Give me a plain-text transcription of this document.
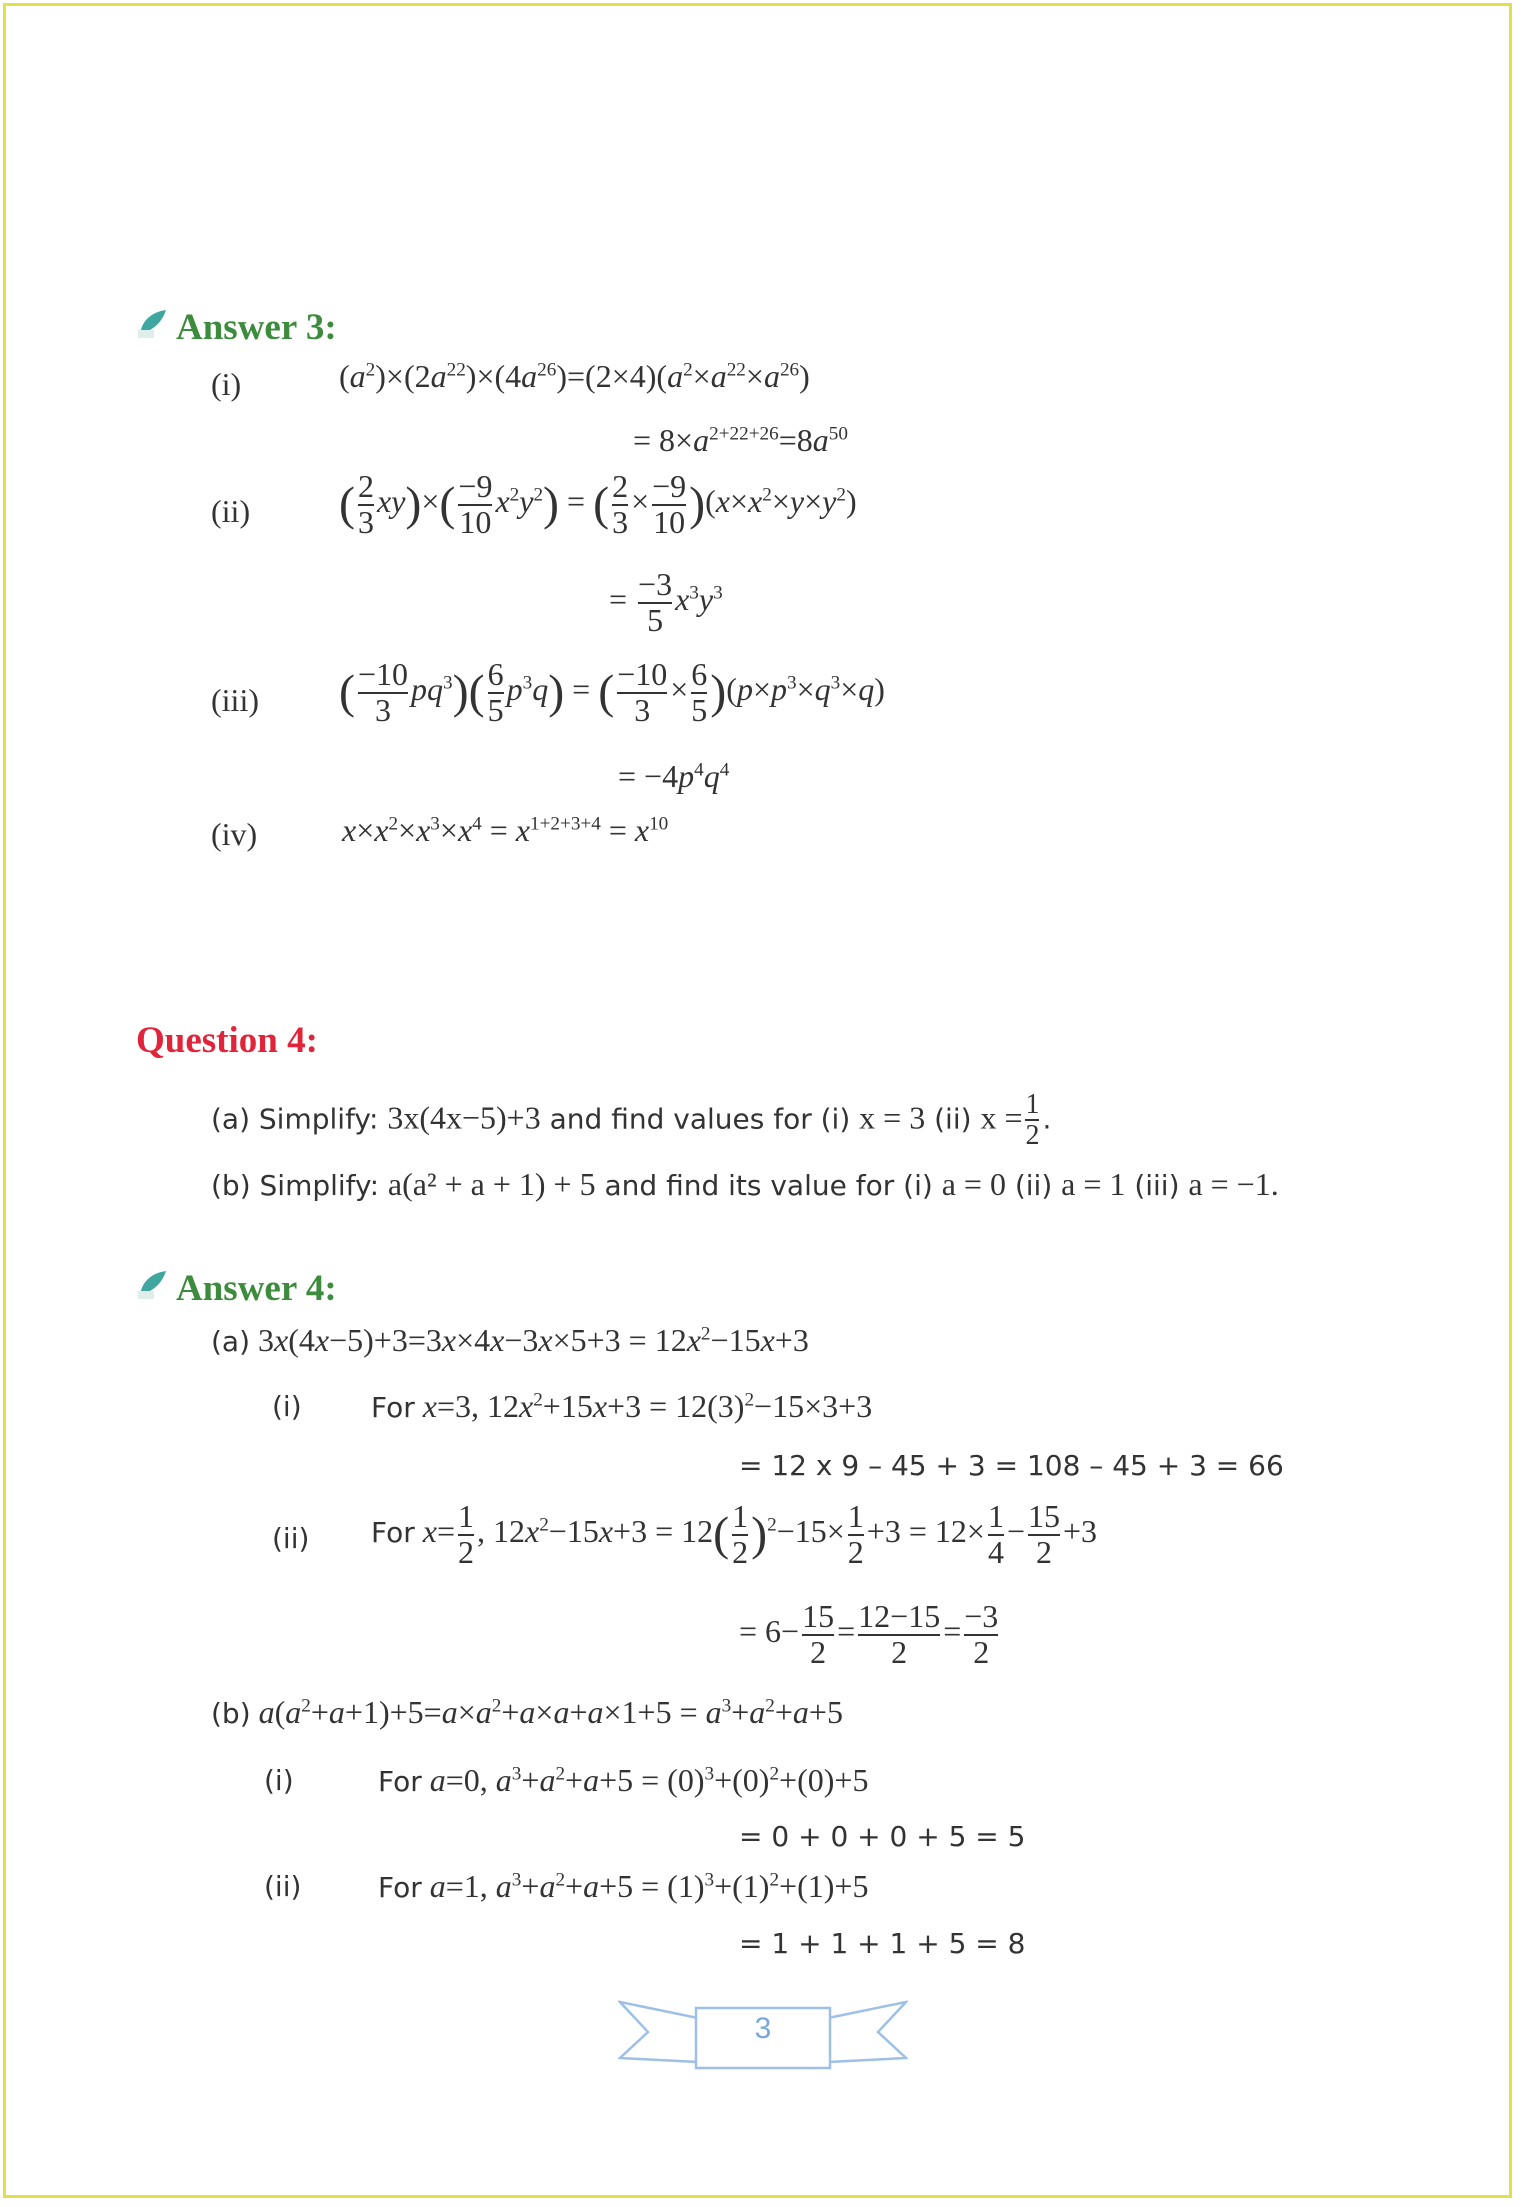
Answer 3:
(i)	$(a^2)\times(2a^{22})\times(4a^{26})=(2\times 4)(a^2\times a^{22}\times a^{26})$
= $8\times a^{2+22+26}=8a^{50}$
(ii) ( $\frac{2}{3} xy)\times( \frac{-9}{10} x^2y^2)$ = ( $\frac{2}{3} \times \frac{-9}{10} )(x\times x^2\times y\times y^2)$
= $\frac{-3}{5} x^3y^3$
(iii) ( $\frac{-10}{3} pq^3)( \frac{6}{5} p^3q)$ = ( $\frac{-10}{3} \times \frac{6}{5} )(p\times p^3\times q^3\times q)$
= $-4p^4q^4$
(iv)	$x\times x^2\times x^3\times x^4 = x^{1+2+3+4} = x^{10}$
Question 4:
(a) Simplify: 3x(4x−5)+3 and find values for (i) x = 3 (ii) $x = \frac{1}{2}$ .
(b) Simplify: a(a² + a + 1) + 5 and find its value for (i) a = 0 (ii) a = 1 (iii) a = −1.
Answer 4:
(a) $3x(4x-5)+3=3x\times 4x-3x\times 5+3 = 12x^2-15x+3$
(i) For x=3, $12x^2+15x+3 = 12(3)^2-15\times 3+3$
= 12 x 9 – 45 + 3 = 108 – 45 + 3 = 66
(ii) For $x= \frac{1}{2}$ , $12x^2-15x+3 = 12( \frac{1}{2} )^2-15\times \frac{1}{2} +3 = 12\times \frac{1}{4} - \frac{15}{2} +3$
= $6- \frac{15}{2} = \frac{12-15}{2} = \frac{-3}{2}$
(b) $a(a^2+a+1)+5=a\times a^2+a\times a+a\times 1+5 = a^3+a^2+a+5$
(i)	For a=0, $a^3+a^2+a+5 = (0)^3+(0)^2+(0)+5$
= 0 + 0 + 0 + 5 = 5
(ii)	For a=1, $a^3+a^2+a+5 = (1)^3+(1)^2+(1)+5$
= 1 + 1 + 1 + 5 = 8
3
